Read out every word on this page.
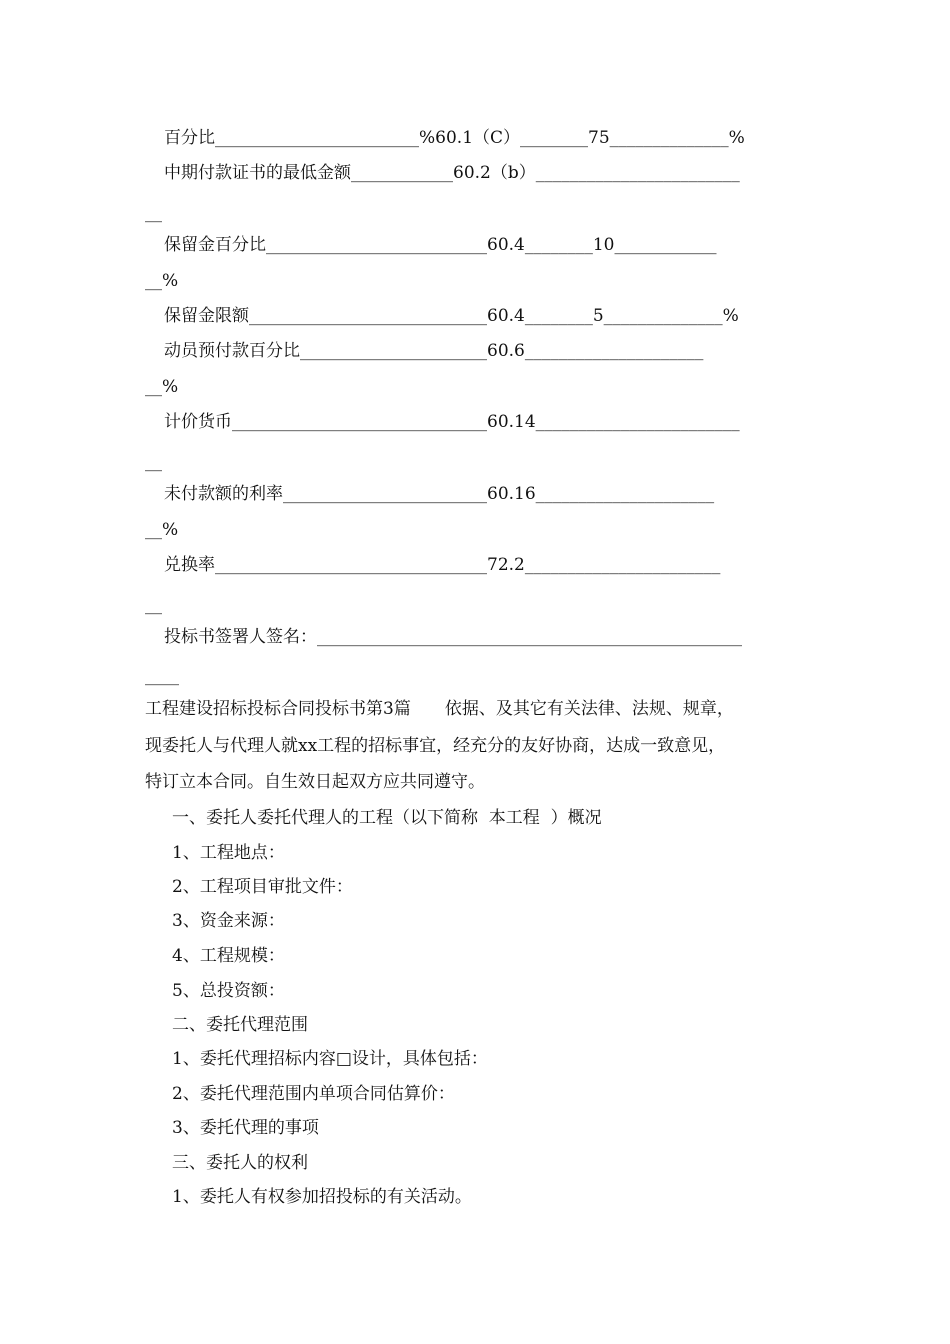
百分比________________________%60.1（C）________75______________%
中期付款证书的最低金额____________60.2（b）________________________
__
保留金百分比__________________________60.4________10____________
__%
保留金限额____________________________60.4________5______________%
动员预付款百分比______________________60.6_____________________
__%
计价货币______________________________60.14________________________
__
未付款额的利率________________________60.16_____________________
__%
兑换率________________________________72.2_______________________
__
投标书签署人签名：__________________________________________________
____
工程建设招标投标合同投标书第3篇　　依据、及其它有关法律、法规、规章，
现委托人与代理人就xx工程的招标事宜，经充分的友好协商，达成一致意见，
特订立本合同。自生效日起双方应共同遵守。
一、委托人委托代理人的工程（以下简称  本工程  ）概况
1、工程地点：
2、工程项目审批文件：
3、资金来源：
4、工程规模：
5、总投资额：
二、委托代理范围
1、委托代理招标内容□设计，具体包括：
2、委托代理范围内单项合同估算价：
3、委托代理的事项
三、委托人的权利
1、委托人有权参加招投标的有关活动。
